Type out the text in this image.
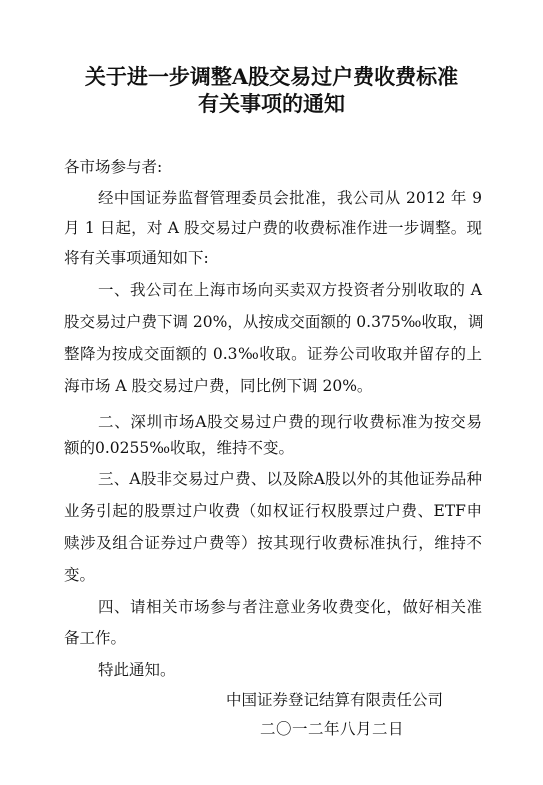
关于进一步调整A股交易过户费收费标准
有关事项的通知

各市场参与者:

经中国证券监督管理委员会批准，我公司从 2012 年 9

月 1 日起，对 A 股交易过户费的收费标准作进一步调整。现

将有关事项通知如下:

一、我公司在上海市场向买卖双方投资者分别收取的 A

股交易过户费下调 20%，从按成交面额的 0.375‰收取，调

整降为按成交面额的 0.3‰收取。证券公司收取并留存的上

海市场 A 股交易过户费，同比例下调 20%。

二、深圳市场A股交易过户费的现行收费标准为按交易

额的0.0255‰收取，维持不变。

三、A股非交易过户费、以及除A股以外的其他证券品种

业务引起的股票过户收费（如权证行权股票过户费、ETF申

赎涉及组合证券过户费等）按其现行收费标准执行，维持不

变。

四、请相关市场参与者注意业务收费变化，做好相关准

备工作。

特此通知。

中国证券登记结算有限责任公司

二〇一二年八月二日
